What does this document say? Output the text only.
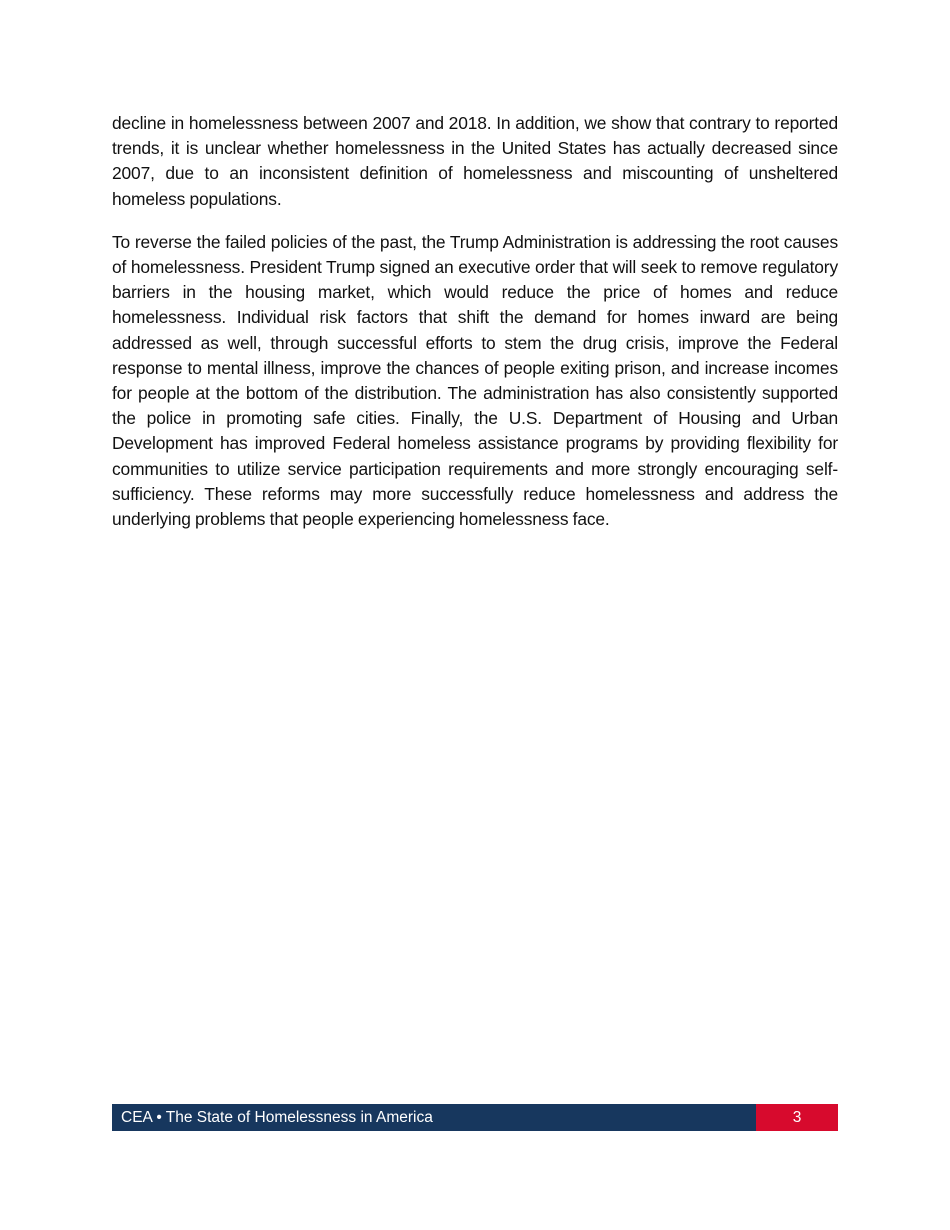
decline in homelessness between 2007 and 2018. In addition, we show that contrary to reported trends, it is unclear whether homelessness in the United States has actually decreased since 2007, due to an inconsistent definition of homelessness and miscounting of unsheltered homeless populations.

To reverse the failed policies of the past, the Trump Administration is addressing the root causes of homelessness. President Trump signed an executive order that will seek to remove regulatory barriers in the housing market, which would reduce the price of homes and reduce homelessness. Individual risk factors that shift the demand for homes inward are being addressed as well, through successful efforts to stem the drug crisis, improve the Federal response to mental illness, improve the chances of people exiting prison, and increase incomes for people at the bottom of the distribution. The administration has also consistently supported the police in promoting safe cities. Finally, the U.S. Department of Housing and Urban Development has improved Federal homeless assistance programs by providing flexibility for communities to utilize service participation requirements and more strongly encouraging self-sufficiency. These reforms may more successfully reduce homelessness and address the underlying problems that people experiencing homelessness face.

CEA • The State of Homelessness in America	3
